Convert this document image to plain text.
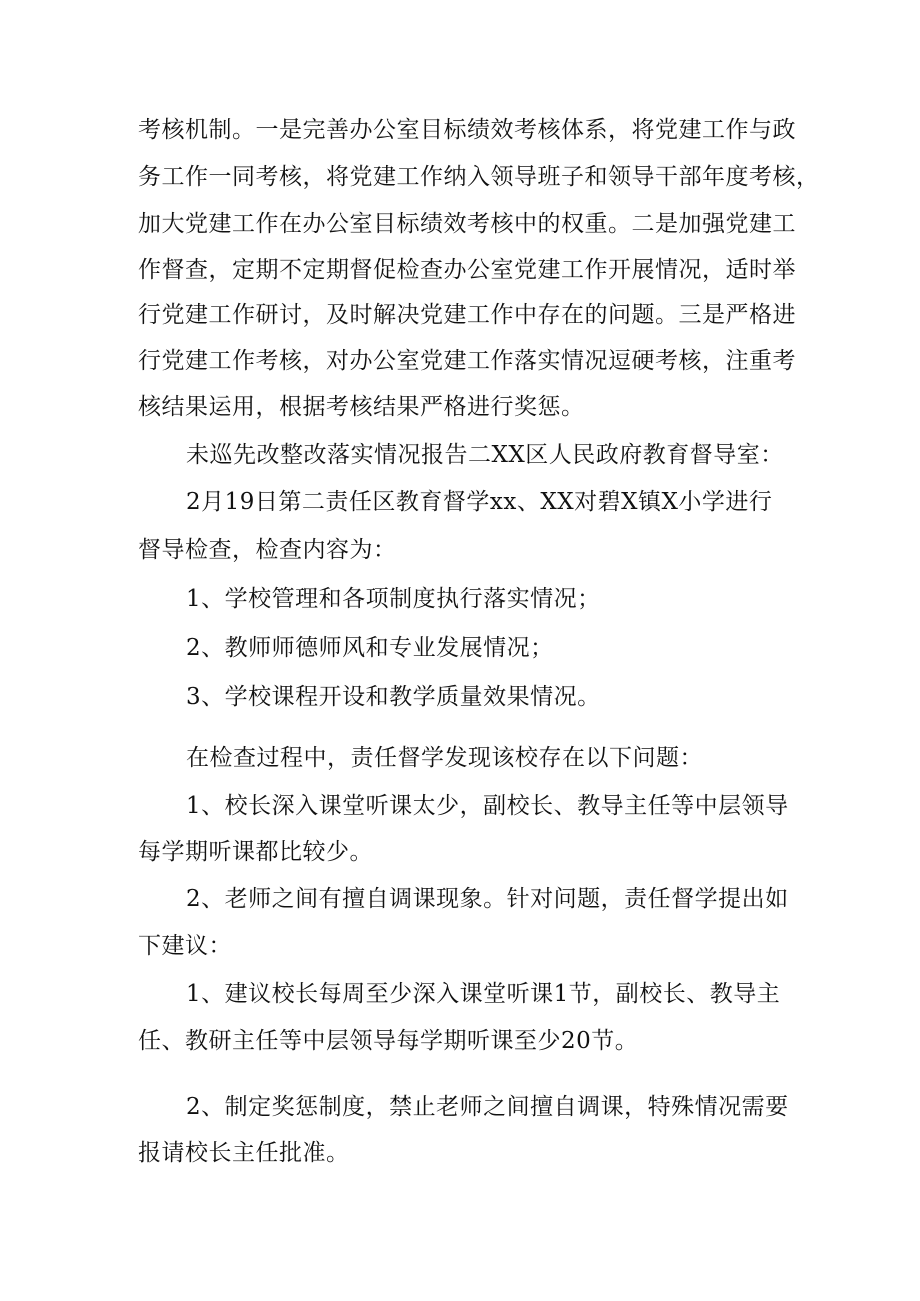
考核机制。一是完善办公室目标绩效考核体系，将党建工作与政
务工作一同考核，将党建工作纳入领导班子和领导干部年度考核，
加大党建工作在办公室目标绩效考核中的权重。二是加强党建工
作督查，定期不定期督促检查办公室党建工作开展情况，适时举
行党建工作研讨，及时解决党建工作中存在的问题。三是严格进
行党建工作考核，对办公室党建工作落实情况逗硬考核，注重考
核结果运用，根据考核结果严格进行奖惩。
未巡先改整改落实情况报告二XX区人民政府教育督导室：
2月19日第二责任区教育督学xx、XX对碧X镇X小学进行
督导检查，检查内容为：
1、学校管理和各项制度执行落实情况；
2、教师师德师风和专业发展情况；
3、学校课程开设和教学质量效果情况。
在检查过程中，责任督学发现该校存在以下问题：
1、校长深入课堂听课太少，副校长、教导主任等中层领导
每学期听课都比较少。
2、老师之间有擅自调课现象。针对问题，责任督学提出如
下建议：
1、建议校长每周至少深入课堂听课1节，副校长、教导主
任、教研主任等中层领导每学期听课至少20节。
2、制定奖惩制度，禁止老师之间擅自调课，特殊情况需要
报请校长主任批准。
